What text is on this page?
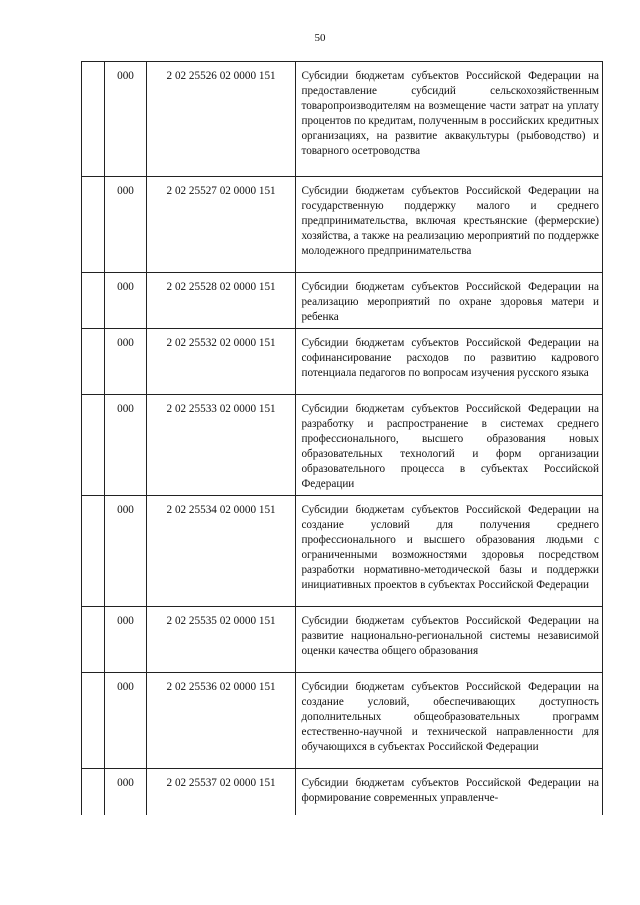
50
	000	2 02 25526 02 0000 151	Субсидии бюджетам субъектов Российской Федерации на предоставление субсидий сельскохозяйственным товаропроизводителям на возмещение части затрат на уплату процентов по кредитам, полученным в российских кредитных организациях, на развитие аквакультуры (рыбоводство) и товарного осетроводства
	000	2 02 25527 02 0000 151	Субсидии бюджетам субъектов Российской Федерации на государственную поддержку малого и среднего предпринимательства, включая крестьянские (фермерские) хозяйства, а также на реализацию мероприятий по поддержке молодежного предпринимательства
	000	2 02 25528 02 0000 151	Субсидии бюджетам субъектов Российской Федерации на реализацию мероприятий по охране здоровья матери и ребенка
	000	2 02 25532 02 0000 151	Субсидии бюджетам субъектов Российской Федерации на софинансирование расходов по развитию кадрового потенциала педагогов по вопросам изучения русского языка
	000	2 02 25533 02 0000 151	Субсидии бюджетам субъектов Российской Федерации на разработку и распространение в системах среднего профессионального, высшего образования новых образовательных технологий и форм организации образовательного процесса в субъектах Российской Федерации
	000	2 02 25534 02 0000 151	Субсидии бюджетам субъектов Российской Федерации на создание условий для получения среднего профессионального и высшего образования людьми с ограниченными возможностями здоровья посредством разработки нормативно-методической базы и поддержки инициативных проектов в субъектах Российской Федерации
	000	2 02 25535 02 0000 151	Субсидии бюджетам субъектов Российской Федерации на развитие национально-региональной системы независимой оценки качества общего образования
	000	2 02 25536 02 0000 151	Субсидии бюджетам субъектов Российской Федерации на создание условий, обеспечивающих доступность дополнительных общеобразовательных программ естественно-научной и технической направленности для обучающихся в субъектах Российской Федерации
	000	2 02 25537 02 0000 151	Субсидии бюджетам субъектов Российской Федерации на формирование современных управленче-
